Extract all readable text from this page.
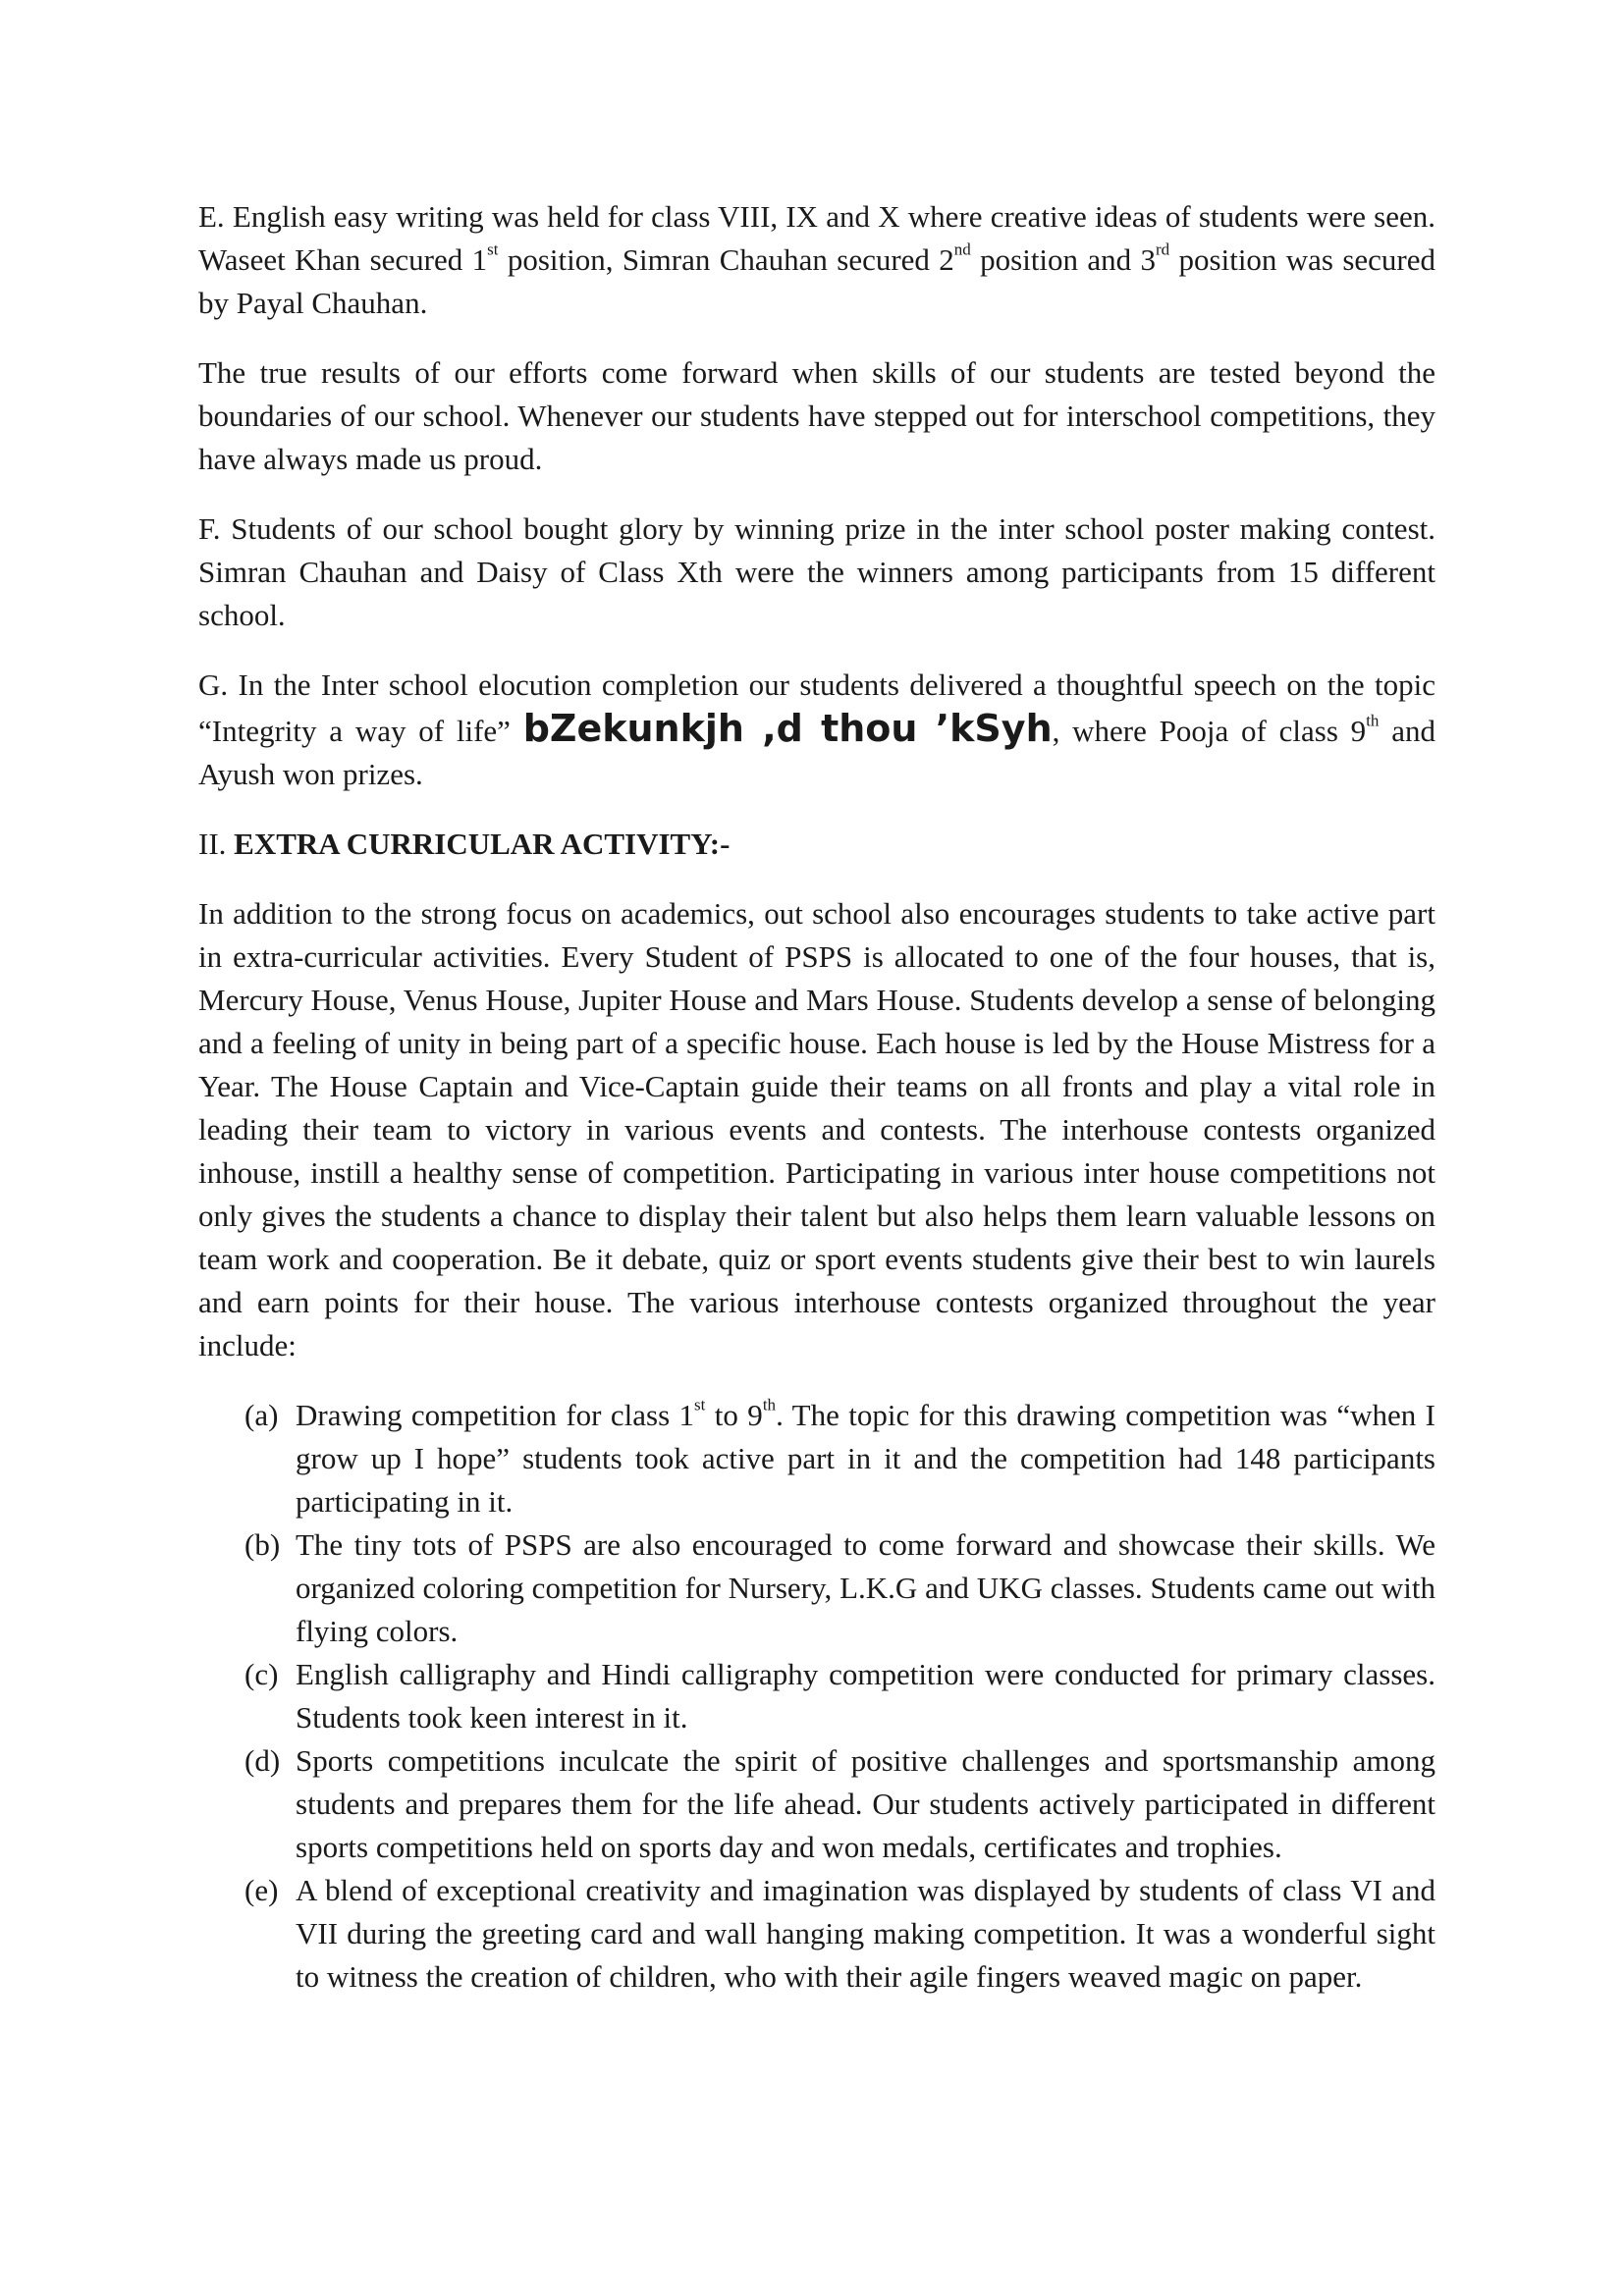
E. English easy writing was held for class VIII, IX and X where creative ideas of students were seen. Waseet Khan secured 1st position, Simran Chauhan secured 2nd position and 3rd position was secured by Payal Chauhan.

The true results of our efforts come forward when skills of our students are tested beyond the boundaries of our school. Whenever our students have stepped out for interschool competitions, they have always made us proud.

F. Students of our school bought glory by winning prize in the inter school poster making contest. Simran Chauhan and Daisy of Class Xth were the winners among participants from 15 different school.

G. In the Inter school elocution completion our students delivered a thoughtful speech on the topic “Integrity a way of life” bZekunkjh ,d thou ’kSyh, where Pooja of class 9th and Ayush won prizes.

II. EXTRA CURRICULAR ACTIVITY:-

In addition to the strong focus on academics, out school also encourages students to take active part in extra-curricular activities. Every Student of PSPS is allocated to one of the four houses, that is, Mercury House, Venus House, Jupiter House and Mars House. Students develop a sense of belonging and a feeling of unity in being part of a specific house. Each house is led by the House Mistress for a Year. The House Captain and Vice-Captain guide their teams on all fronts and play a vital role in leading their team to victory in various events and contests. The interhouse contests organized inhouse, instill a healthy sense of competition. Participating in various inter house competitions not only gives the students a chance to display their talent but also helps them learn valuable lessons on team work and cooperation. Be it debate, quiz or sport events students give their best to win laurels and earn points for their house. The various interhouse contests organized throughout the year include:

(a) Drawing competition for class 1st to 9th. The topic for this drawing competition was “when I grow up I hope” students took active part in it and the competition had 148 participants participating in it.
(b) The tiny tots of PSPS are also encouraged to come forward and showcase their skills. We organized coloring competition for Nursery, L.K.G and UKG classes. Students came out with flying colors.
(c) English calligraphy and Hindi calligraphy competition were conducted for primary classes. Students took keen interest in it.
(d) Sports competitions inculcate the spirit of positive challenges and sportsmanship among students and prepares them for the life ahead. Our students actively participated in different sports competitions held on sports day and won medals, certificates and trophies.
(e) A blend of exceptional creativity and imagination was displayed by students of class VI and VII during the greeting card and wall hanging making competition. It was a wonderful sight to witness the creation of children, who with their agile fingers weaved magic on paper.
